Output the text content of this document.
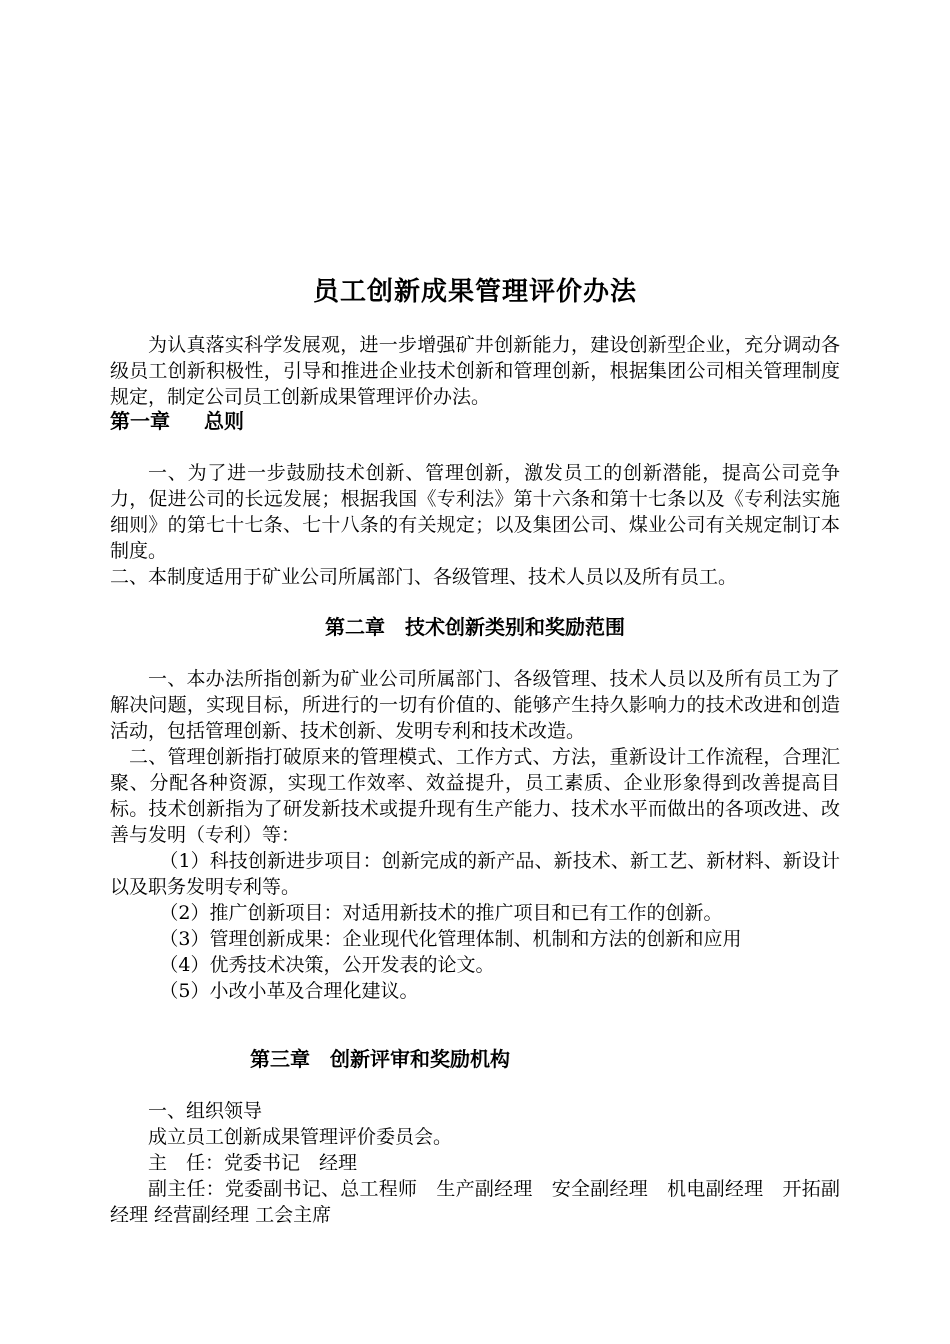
员工创新成果管理评价办法

为认真落实科学发展观，进一步增强矿井创新能力，建设创新型企业，充分调动各级员工创新积极性，引导和推进企业技术创新和管理创新，根据集团公司相关管理制度规定，制定公司员工创新成果管理评价办法。

第一章 总则

一、为了进一步鼓励技术创新、管理创新，激发员工的创新潜能，提高公司竞争力，促进公司的长远发展；根据我国《专利法》第十六条和第十七条以及《专利法实施细则》的第七十七条、七十八条的有关规定；以及集团公司、煤业公司有关规定制订本制度。

二、本制度适用于矿业公司所属部门、各级管理、技术人员以及所有员工。

第二章 技术创新类别和奖励范围

一、本办法所指创新为矿业公司所属部门、各级管理、技术人员以及所有员工为了解决问题，实现目标，所进行的一切有价值的、能够产生持久影响力的技术改进和创造活动，包括管理创新、技术创新、发明专利和技术改造。

二、管理创新指打破原来的管理模式、工作方式、方法，重新设计工作流程，合理汇聚、分配各种资源，实现工作效率、效益提升，员工素质、企业形象得到改善提高目标。技术创新指为了研发新技术或提升现有生产能力、技术水平而做出的各项改进、改善与发明（专利）等：

（1）科技创新进步项目：创新完成的新产品、新技术、新工艺、新材料、新设计以及职务发明专利等。

（2）推广创新项目：对适用新技术的推广项目和已有工作的创新。

（3）管理创新成果：企业现代化管理体制、机制和方法的创新和应用

（4）优秀技术决策，公开发表的论文。

（5）小改小革及合理化建议。

第三章 创新评审和奖励机构

一、组织领导

成立员工创新成果管理评价委员会。

主　任：党委书记　经理

副主任：党委副书记、总工程师　生产副经理　安全副经理　机电副经理　开拓副经理 经营副经理 工会主席
